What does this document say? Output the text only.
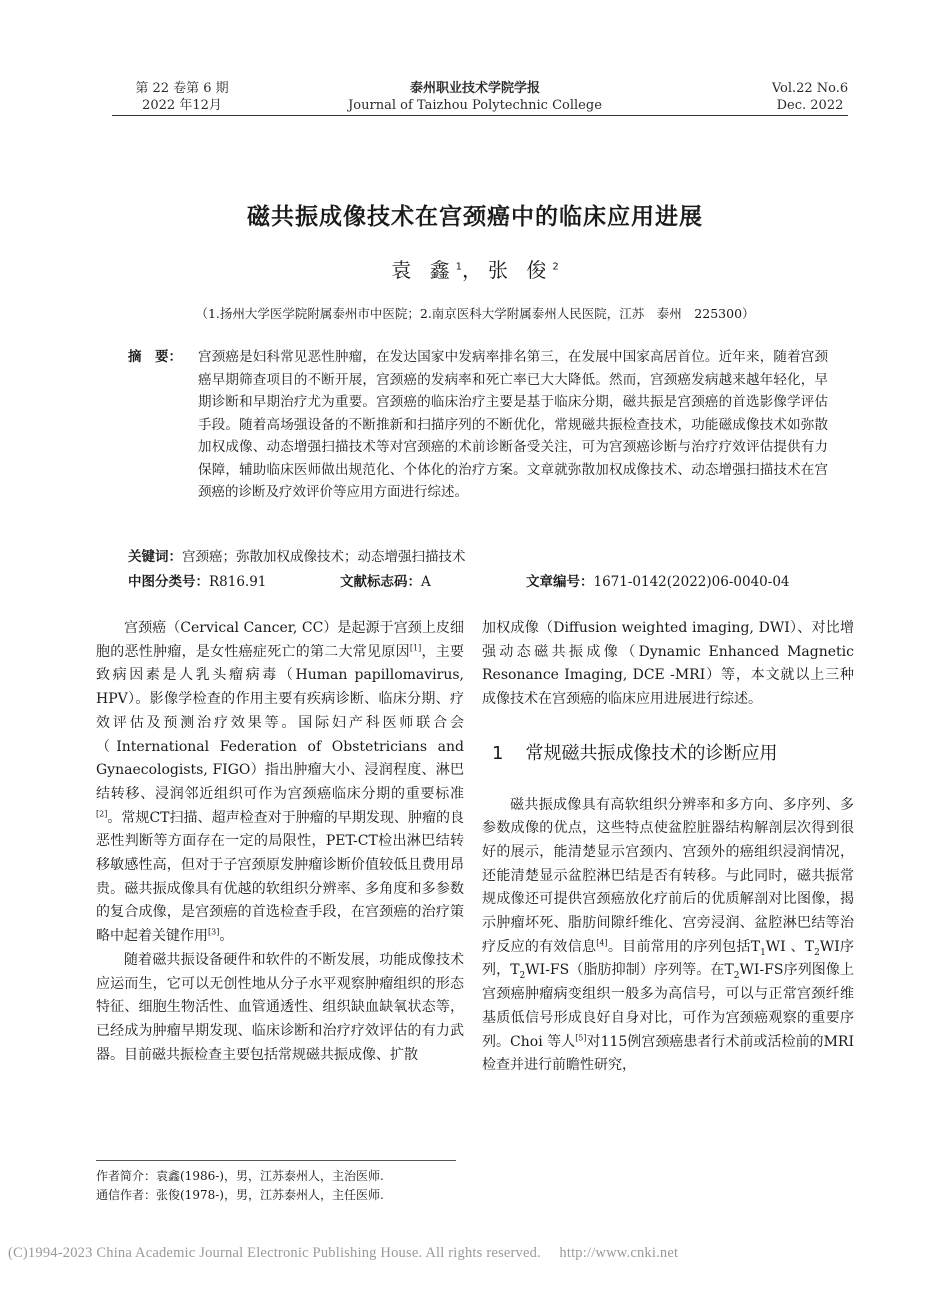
第 22 卷第 6 期
2022 年12月
泰州职业技术学院学报
Journal of Taizhou Polytechnic College
Vol.22 No.6
Dec. 2022
磁共振成像技术在宫颈癌中的临床应用进展
袁 鑫$^1$，张 俊$^2$
（1.扬州大学医学院附属泰州市中医院；2.南京医科大学附属泰州人民医院，江苏　泰州　225300）
摘　要： 宫颈癌是妇科常见恶性肿瘤，在发达国家中发病率排名第三，在发展中国家高居首位。近年来，随着宫颈癌早期筛查项目的不断开展，宫颈癌的发病率和死亡率已大大降低。然而，宫颈癌发病越来越年轻化，早期诊断和早期治疗尤为重要。宫颈癌的临床治疗主要是基于临床分期，磁共振是宫颈癌的首选影像学评估手段。随着高场强设备的不断推新和扫描序列的不断优化，常规磁共振检查技术，功能磁成像技术如弥散加权成像、动态增强扫描技术等对宫颈癌的术前诊断备受关注，可为宫颈癌诊断与治疗疗效评估提供有力保障，辅助临床医师做出规范化、个体化的治疗方案。文章就弥散加权成像技术、动态增强扫描技术在宫颈癌的诊断及疗效评价等应用方面进行综述。
关键词：宫颈癌；弥散加权成像技术；动态增强扫描技术
中图分类号：R816.91	文献标志码：A	文章编号：1671-0142(2022)06-0040-04

宫颈癌（Cervical Cancer, CC）是起源于宫颈上皮细胞的恶性肿瘤，是女性癌症死亡的第二大常见原因[1]，主要致病因素是人乳头瘤病毒（Human papillomavirus, HPV）。影像学检查的作用主要有疾病诊断、临床分期、疗效评估及预测治疗效果等。国际妇产科医师联合会（International Federation of Obstetricians and Gynaecologists, FIGO）指出肿瘤大小、浸润程度、淋巴结转移、浸润邻近组织可作为宫颈癌临床分期的重要标准[2]。常规CT扫描、超声检查对于肿瘤的早期发现、肿瘤的良恶性判断等方面存在一定的局限性，PET-CT检出淋巴结转移敏感性高，但对于子宫颈原发肿瘤诊断价值较低且费用昂贵。磁共振成像具有优越的软组织分辨率、多角度和多参数的复合成像，是宫颈癌的首选检查手段，在宫颈癌的治疗策略中起着关键作用[3]。

随着磁共振设备硬件和软件的不断发展，功能成像技术应运而生，它可以无创性地从分子水平观察肿瘤组织的形态特征、细胞生物活性、血管通透性、组织缺血缺氧状态等，已经成为肿瘤早期发现、临床诊断和治疗疗效评估的有力武器。目前磁共振检查主要包括常规磁共振成像、扩散

加权成像（Diffusion weighted imaging, DWI）、对比增强动态磁共振成像（Dynamic Enhanced Magnetic Resonance Imaging, DCE -MRI）等，本文就以上三种成像技术在宫颈癌的临床应用进展进行综述。

1 常规磁共振成像技术的诊断应用

磁共振成像具有高软组织分辨率和多方向、多序列、多参数成像的优点，这些特点使盆腔脏器结构解剖层次得到很好的展示，能清楚显示宫颈内、宫颈外的癌组织浸润情况，还能清楚显示盆腔淋巴结是否有转移。与此同时，磁共振常规成像还可提供宫颈癌放化疗前后的优质解剖对比图像，揭示肿瘤坏死、脂肪间隙纤维化、宫旁浸润、盆腔淋巴结等治疗反应的有效信息[4]。目前常用的序列包括$T_1WI$ 、$T_2WI$序列，$T_2WI-FS$（脂肪抑制）序列等。在$T_2WI-FS$序列图像上宫颈癌肿瘤病变组织一般多为高信号，可以与正常宫颈纤维基质低信号形成良好自身对比，可作为宫颈癌观察的重要序列。Choi 等人[5]对115例宫颈癌患者行术前或活检前的MRI检查并进行前瞻性研究，

作者简介：袁鑫(1986-)，男，江苏泰州人，主治医师.
通信作者：张俊(1978-)，男，江苏泰州人，主任医师.
(C)1994-2023 China Academic Journal Electronic Publishing House. All rights reserved.　 http://www.cnki.net
